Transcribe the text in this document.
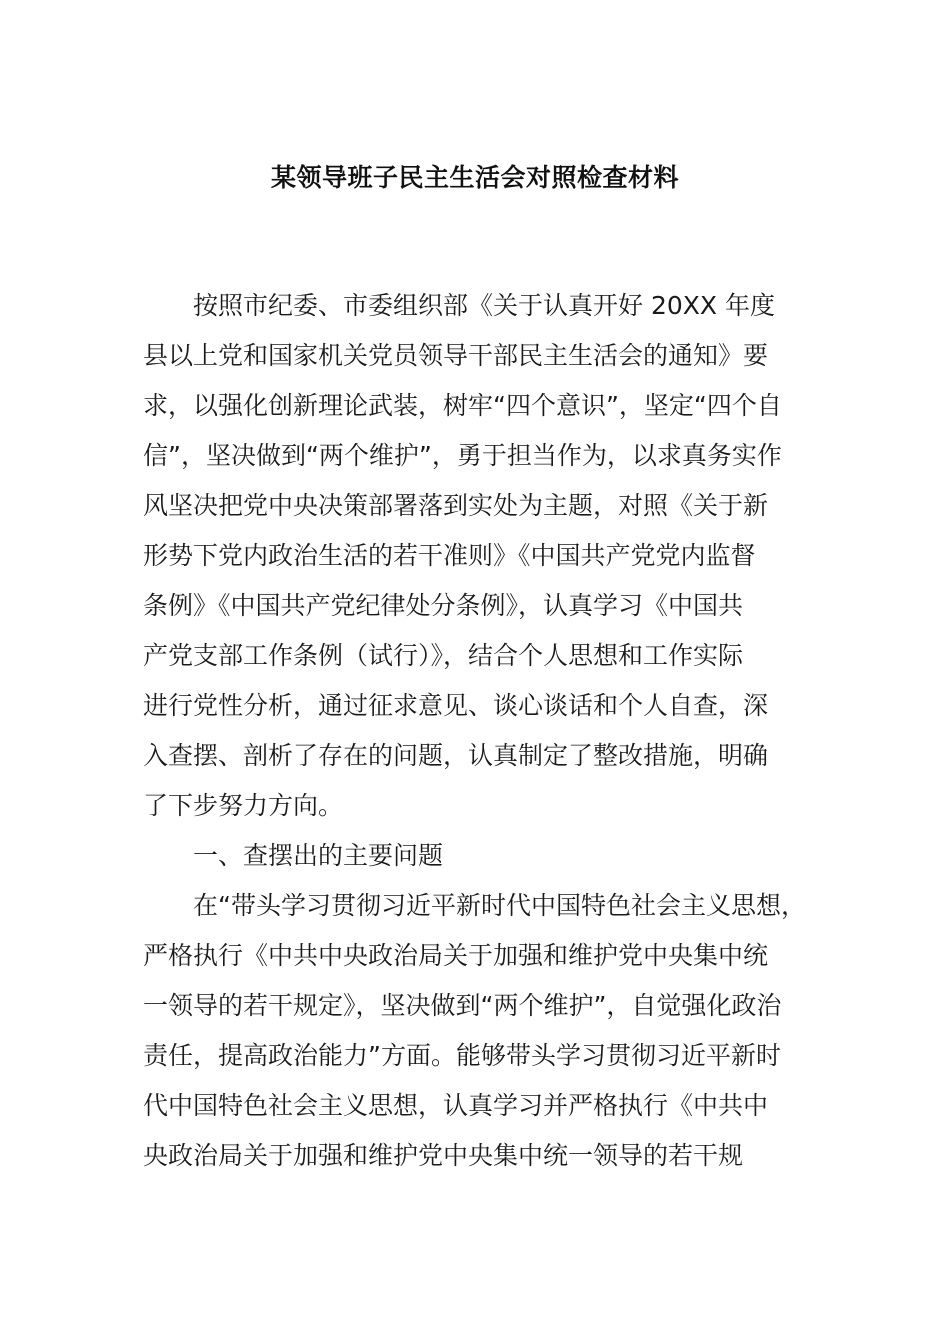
某领导班子民主生活会对照检查材料
按照市纪委、市委组织部《关于认真开好 20XX 年度
县以上党和国家机关党员领导干部民主生活会的通知》要
求，以强化创新理论武装，树牢“四个意识”，坚定“四个自
信”，坚决做到“两个维护”，勇于担当作为，以求真务实作
风坚决把党中央决策部署落到实处为主题，对照《关于新
形势下党内政治生活的若干准则》《中国共产党党内监督
条例》《中国共产党纪律处分条例》，认真学习《中国共
产党支部工作条例（试行）》，结合个人思想和工作实际
进行党性分析，通过征求意见、谈心谈话和个人自查，深
入查摆、剖析了存在的问题，认真制定了整改措施，明确
了下步努力方向。
一、查摆出的主要问题
在“带头学习贯彻习近平新时代中国特色社会主义思想，
严格执行《中共中央政治局关于加强和维护党中央集中统
一领导的若干规定》，坚决做到“两个维护”，自觉强化政治
责任，提高政治能力”方面。能够带头学习贯彻习近平新时
代中国特色社会主义思想，认真学习并严格执行《中共中
央政治局关于加强和维护党中央集中统一领导的若干规
